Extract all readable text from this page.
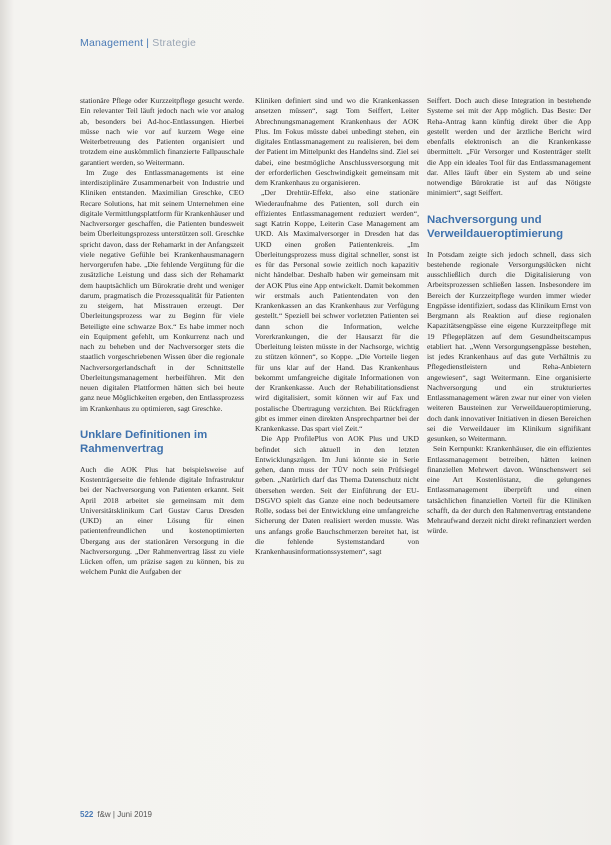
Management | Strategie

stationäre Pflege oder Kurzzeitpflege gesucht werde. Ein relevanter Teil läuft jedoch nach wie vor analog ab, besonders bei Ad-hoc-Entlassungen. Hierbei müsse nach wie vor auf kurzem Wege eine Weiterbetreuung des Patienten organisiert und trotzdem eine auskömmlich finanzierte Fallpauschale garantiert werden, so Weitermann.

Im Zuge des Entlassmanagements ist eine interdisziplinäre Zusammenarbeit von Industrie und Kliniken entstanden. Maximilian Greschke, CEO Recare Solutions, hat mit seinem Unternehmen eine digitale Vermittlungsplattform für Krankenhäuser und Nachversorger geschaffen, die Patienten bundesweit beim Überleitungsprozess unterstützen soll. Greschke spricht davon, dass der Rehamarkt in der Anfangszeit viele negative Gefühle bei Krankenhausmanagern hervorgerufen habe. „Die fehlende Vergütung für die zusätzliche Leistung und dass sich der Rehamarkt dem hauptsächlich um Bürokratie dreht und weniger darum, pragmatisch die Prozessqualität für Patienten zu steigern, hat Misstrauen erzeugt. Der Überleitungsprozess war zu Beginn für viele Beteiligte eine schwarze Box.“ Es habe immer noch ein Equipment gefehlt, um Konkurrenz nach und nach zu beheben und der Nachversorger stets die staatlich vorgeschriebenen Wissen über die regionale Nachversorgerlandschaft in der Schnittstelle Überleitungsmanagement herbeiführen. Mit den neuen digitalen Plattformen hätten sich bei heute ganz neue Möglichkeiten ergeben, den Entlassprozess im Krankenhaus zu optimieren, sagt Greschke.

Unklare Definitionen im Rahmenvertrag

Auch die AOK Plus hat beispielsweise auf Kostenträgerseite die fehlende digitale Infrastruktur bei der Nachversorgung von Patienten erkannt. Seit April 2018 arbeitet sie gemeinsam mit dem Universitätsklinikum Carl Gustav Carus Dresden (UKD) an einer Lösung für einen patientenfreundlichen und kostenoptimierten Übergang aus der stationären Versorgung in die Nachversorgung. „Der Rahmenvertrag lässt zu viele Lücken offen, um präzise sagen zu können, bis zu welchem Punkt die Aufgaben der

Kliniken definiert sind und wo die Krankenkassen ansetzen müssen“, sagt Tom Seiffert, Leiter Abrechnungsmanagement Krankenhaus der AOK Plus. Im Fokus müsste dabei unbedingt stehen, ein digitales Entlassmanagement zu realisieren, bei dem der Patient im Mittelpunkt des Handelns sind. Ziel sei dabei, eine bestmögliche Anschlussversorgung mit der erforderlichen Geschwindigkeit gemeinsam mit dem Krankenhaus zu organisieren.

„Der Drehtür-Effekt, also eine stationäre Wiederaufnahme des Patienten, soll durch ein effizientes Entlassmanagement reduziert werden“, sagt Katrin Koppe, Leiterin Case Management am UKD. Als Maximalversorger in Dresden hat das UKD einen großen Patientenkreis. „Im Überleitungsprozess muss digital schneller, sonst ist es für das Personal sowie zeitlich noch kapazitiv nicht händelbar. Deshalb haben wir gemeinsam mit der AOK Plus eine App entwickelt. Damit bekommen wir erstmals auch Patientendaten von den Krankenkassen an das Krankenhaus zur Verfügung gestellt.“ Speziell bei schwer vorletzten Patienten sei dann schon die Information, welche Vorerkrankungen, die der Hausarzt für die Überleitung leisten müsste in der Nachsorge, wichtig zu stützen können“, so Koppe. „Die Vorteile liegen für uns klar auf der Hand. Das Krankenhaus bekommt umfangreiche digitale Informationen von der Krankenkasse. Auch der Rehabilitationsdienst wird digitalisiert, somit können wir auf Fax und postalische Übertragung verzichten. Bei Rückfragen gibt es immer einen direkten Ansprechpartner bei der Krankenkasse. Das spart viel Zeit.“

Die App ProfilePlus von AOK Plus und UKD befindet sich aktuell in den letzten Entwicklungszügen. Im Juni könnte sie in Serie gehen, dann muss der TÜV noch sein Prüfsiegel geben. „Natürlich darf das Thema Datenschutz nicht übersehen werden. Seit der Einführung der EU-DSGVO spielt das Ganze eine noch bedeutsamere Rolle, sodass bei der Entwicklung eine umfangreiche Sicherung der Daten realisiert werden musste. Was uns anfangs große Bauchschmerzen bereitet hat, ist die fehlende Systemstandard von Krankenhausinformationssystemen“, sagt

Seiffert. Doch auch diese Integration in bestehende Systeme sei mit der App möglich. Das Beste: Der Reha-Antrag kann künftig direkt über die App gestellt werden und der ärztliche Bericht wird ebenfalls elektronisch an die Krankenkasse übermittelt. „Für Versorger und Kostenträger stellt die App ein ideales Tool für das Entlassmanagement dar. Alles läuft über ein System ab und seine notwendige Bürokratie ist auf das Nötigste minimiert“, sagt Seiffert.

Nachversorgung und Verweildaueroptimierung

In Potsdam zeigte sich jedoch schnell, dass sich bestehende regionale Versorgungslücken nicht ausschließlich durch die Digitalisierung von Arbeitsprozessen schließen lassen. Insbesondere im Bereich der Kurzzeitpflege wurden immer wieder Engpässe identifiziert, sodass das Klinikum Ernst von Bergmann als Reaktion auf diese regionalen Kapazitätsengpässe eine eigene Kurzzeitpflege mit 19 Pflegeplätzen auf dem Gesundheitscampus etabliert hat. „Wenn Versorgungsengpässe bestehen, ist jedes Krankenhaus auf das gute Verhältnis zu Pflegedienstleistern und Reha-Anbietern angewiesen“, sagt Weitermann. Eine organisierte Nachversorgung und ein strukturiertes Entlassmanagement wären zwar nur einer von vielen weiteren Bausteinen zur Verweildaueroptimierung, doch dank innovativer Initiativen in diesen Bereichen sei die Verweildauer im Klinikum signifikant gesunken, so Weitermann.

Sein Kernpunkt: Krankenhäuser, die ein effizientes Entlassmanagement betreiben, hätten keinen finanziellen Mehrwert davon. Wünschenswert sei eine Art Kostenlöstanz, die gelungenes Entlassmanagement überprüft und einen tatsächlichen finanziellen Vorteil für die Kliniken schafft, da der durch den Rahmenvertrag entstandene Mehraufwand derzeit nicht direkt refinanziert werden würde.

522 f&w | Juni 2019
